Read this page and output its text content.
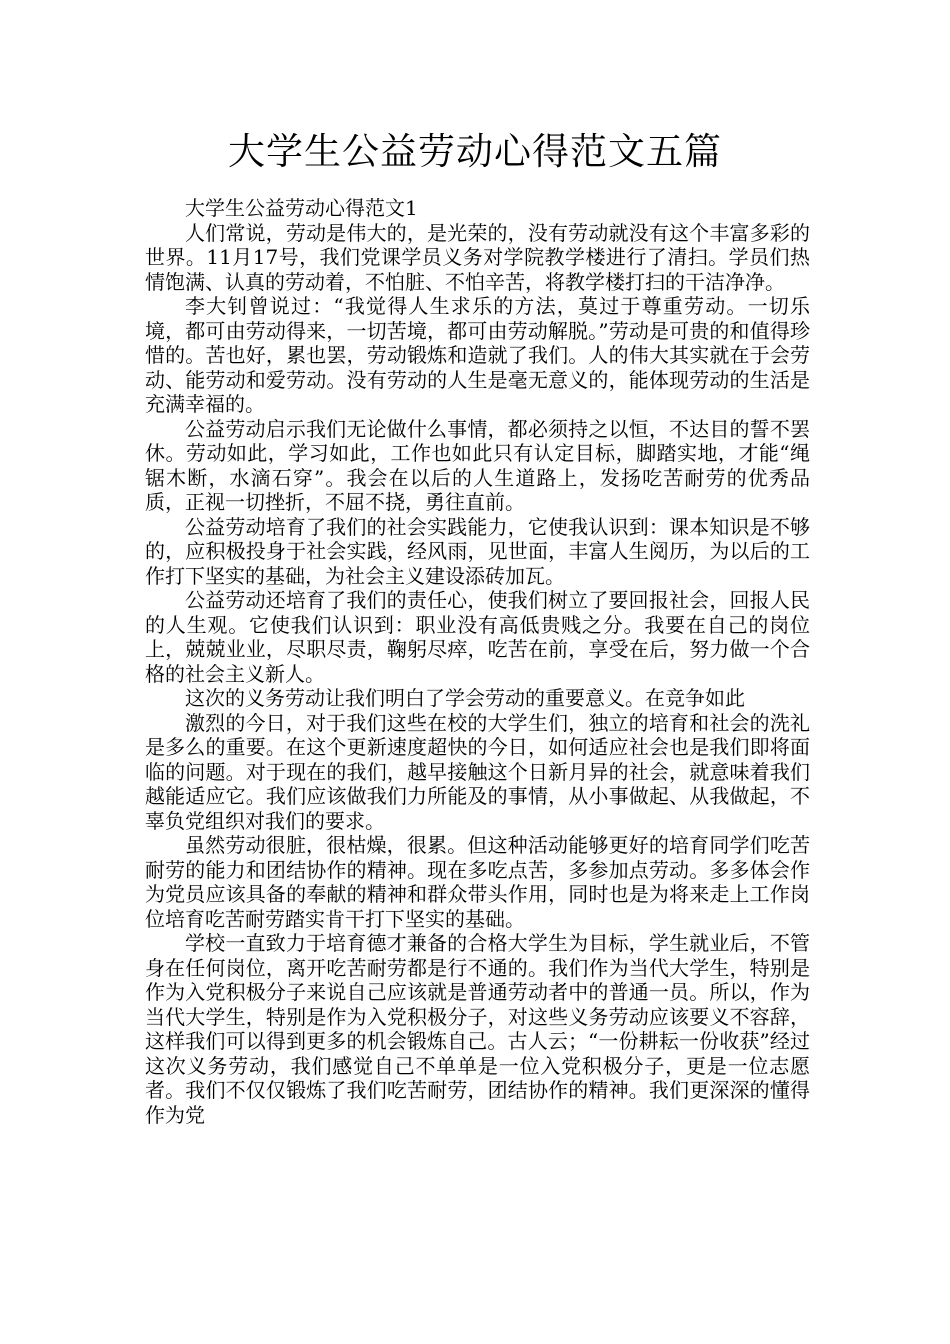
大学生公益劳动心得范文五篇

大学生公益劳动心得范文1

人们常说，劳动是伟大的，是光荣的，没有劳动就没有这个丰富多彩的世界。11月17号，我们党课学员义务对学院教学楼进行了清扫。学员们热情饱满、认真的劳动着，不怕脏、不怕辛苦，将教学楼打扫的干洁净净。

李大钊曾说过：“我觉得人生求乐的方法，莫过于尊重劳动。一切乐境，都可由劳动得来，一切苦境，都可由劳动解脱。”劳动是可贵的和值得珍惜的。苦也好，累也罢，劳动锻炼和造就了我们。人的伟大其实就在于会劳动、能劳动和爱劳动。没有劳动的人生是毫无意义的，能体现劳动的生活是充满幸福的。

公益劳动启示我们无论做什么事情，都必须持之以恒，不达目的誓不罢休。劳动如此，学习如此，工作也如此只有认定目标，脚踏实地，才能“绳锯木断，水滴石穿”。我会在以后的人生道路上，发扬吃苦耐劳的优秀品质，正视一切挫折，不屈不挠，勇往直前。

公益劳动培育了我们的社会实践能力，它使我认识到：课本知识是不够的，应积极投身于社会实践，经风雨，见世面，丰富人生阅历，为以后的工作打下坚实的基础，为社会主义建设添砖加瓦。

公益劳动还培育了我们的责任心，使我们树立了要回报社会，回报人民的人生观。它使我们认识到：职业没有高低贵贱之分。我要在自己的岗位上，兢兢业业，尽职尽责，鞠躬尽瘁，吃苦在前，享受在后，努力做一个合格的社会主义新人。

这次的义务劳动让我们明白了学会劳动的重要意义。在竞争如此

激烈的今日，对于我们这些在校的大学生们，独立的培育和社会的洗礼是多么的重要。在这个更新速度超快的今日，如何适应社会也是我们即将面临的问题。对于现在的我们，越早接触这个日新月异的社会，就意味着我们越能适应它。我们应该做我们力所能及的事情，从小事做起、从我做起，不辜负党组织对我们的要求。

虽然劳动很脏，很枯燥，很累。但这种活动能够更好的培育同学们吃苦耐劳的能力和团结协作的精神。现在多吃点苦，多参加点劳动。多多体会作为党员应该具备的奉献的精神和群众带头作用，同时也是为将来走上工作岗位培育吃苦耐劳踏实肯干打下坚实的基础。

学校一直致力于培育德才兼备的合格大学生为目标，学生就业后，不管身在任何岗位，离开吃苦耐劳都是行不通的。我们作为当代大学生，特别是作为入党积极分子来说自己应该就是普通劳动者中的普通一员。所以，作为当代大学生，特别是作为入党积极分子，对这些义务劳动应该要义不容辞，这样我们可以得到更多的机会锻炼自己。古人云；“一份耕耘一份收获”经过这次义务劳动，我们感觉自己不单单是一位入党积极分子，更是一位志愿者。我们不仅仅锻炼了我们吃苦耐劳，团结协作的精神。我们更深深的懂得作为党
